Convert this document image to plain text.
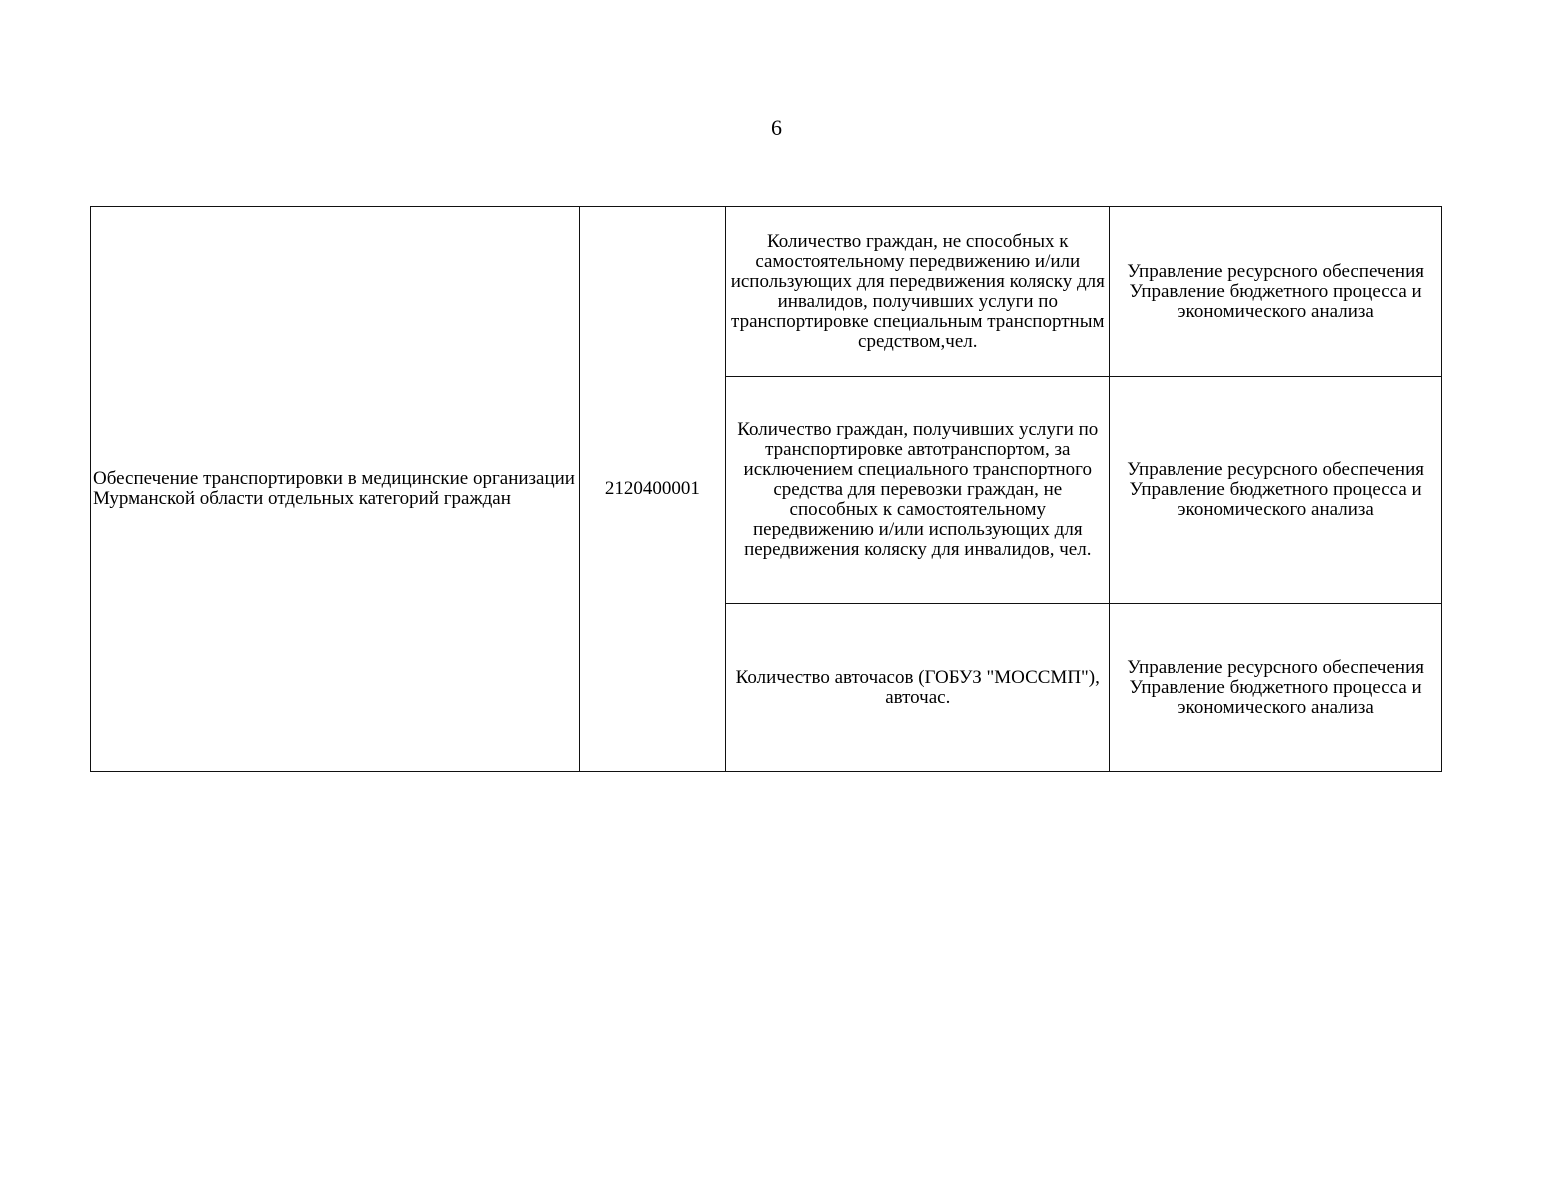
6
Обеспечение транспортировки в медицинские организации Мурманской области отдельных категорий граждан	2120400001	Количество граждан, не способных к самостоятельному передвижению и/или использующих для передвижения коляску для инвалидов, получивших услуги по транспортировке специальным транспортным средством,чел.	Управление ресурсного обеспечения
Управление бюджетного процесса и экономического анализа

		Количество граждан, получивших услуги по транспортировке автотранспортом, за исключением специального транспортного средства для перевозки граждан, не способных к самостоятельному передвижению и/или использующих для передвижения коляску для инвалидов, чел.	Управление ресурсного обеспечения
Управление бюджетного процесса и экономического анализа

		Количество авточасов (ГОБУЗ "МОССМП"), авточас.	Управление ресурсного обеспечения
Управление бюджетного процесса и экономического анализа
